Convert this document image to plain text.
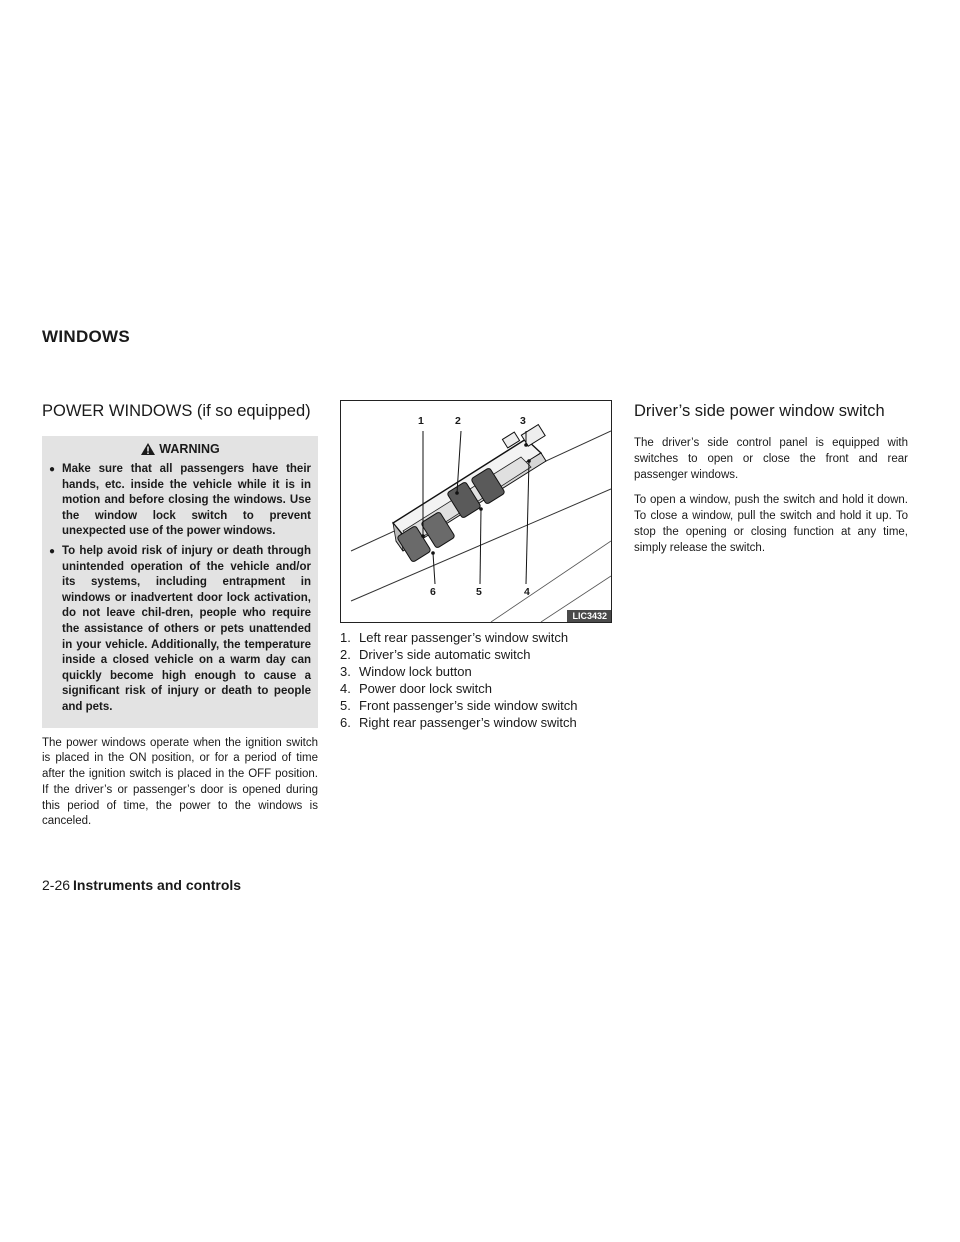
WINDOWS
POWER WINDOWS (if so equipped)
WARNING
● Make sure that all passengers have their hands, etc. inside the vehicle while it is in motion and before closing the windows. Use the window lock switch to prevent unexpected use of the power windows.
● To help avoid risk of injury or death through unintended operation of the vehicle and/or its systems, including entrapment in windows or inadvertent door lock activation, do not leave chil-dren, people who require the assistance of others or pets unattended in your vehicle. Additionally, the temperature inside a closed vehicle on a warm day can quickly become high enough to cause a significant risk of injury or death to people and pets.

The power windows operate when the ignition switch is placed in the ON position, or for a period of time after the ignition switch is placed in the OFF position. If the driver’s or passenger’s door is opened during this period of time, the power to the windows is canceled.

1	2	3
4
5
6
LIC3432
1. Left rear passenger’s window switch
2. Driver’s side automatic switch
3. Window lock button
4. Power door lock switch
5. Front passenger’s side window switch
6. Right rear passenger’s window switch
Driver’s side power window switch

The driver’s side control panel is equipped with switches to open or close the front and rear passenger windows.

To open a window, push the switch and hold it down. To close a window, pull the switch and hold it up. To stop the opening or closing function at any time, simply release the switch.

2-26 Instruments and controls
